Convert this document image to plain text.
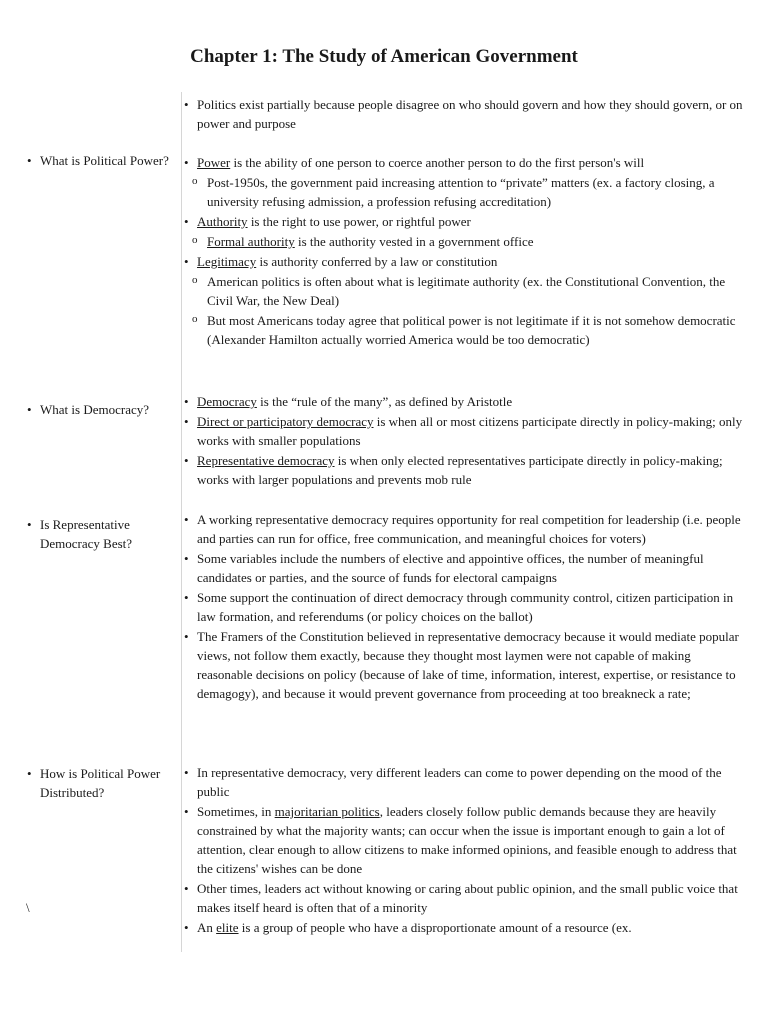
Chapter 1: The Study of American Government
• Politics exist partially because people disagree on who should govern and how they should govern, or on power and purpose
• What is Political Power?
•	Power is the ability of one person to coerce another person to do the first person's will
o Post-1950s, the government paid increasing attention to “private” matters (ex. a factory closing, a university refusing admission, a profession refusing accreditation)
• Authority is the right to use power, or rightful power
o Formal authority is the authority vested in a government office
• Legitimacy is authority conferred by a law or constitution
o American politics is often about what is legitimate authority (ex. the Constitutional Convention, the Civil War, the New Deal)
o But most Americans today agree that political power is not legitimate if it is not somehow democratic (Alexander Hamilton actually worried America would be too democratic)
• What is Democracy?
• Democracy is the “rule of the many”, as defined by Aristotle
• Direct or participatory democracy is when all or most citizens participate directly in policy-making; only works with smaller populations
• Representative democracy is when only elected representatives participate directly in policy-making; works with larger populations and prevents mob rule
• Is Representative Democracy Best?
• A working representative democracy requires opportunity for real competition for leadership (i.e. people and parties can run for office, free communication, and meaningful choices for voters)
• Some variables include the numbers of elective and appointive offices, the number of meaningful candidates or parties, and the source of funds for electoral campaigns
• Some support the continuation of direct democracy through community control, citizen participation in law formation, and referendums (or policy choices on the ballot)
• The Framers of the Constitution believed in representative democracy because it would mediate popular views, not follow them exactly, because they thought most laymen were not capable of making reasonable decisions on policy (because of lake of time, information, interest, expertise, or resistance to demagogy), and because it would prevent governance from proceeding at too breakneck a rate;
• How is Political Power Distributed?
• In representative democracy, very different leaders can come to power depending on the mood of the public
• Sometimes, in majoritarian politics, leaders closely follow public demands because they are heavily constrained by what the majority wants; can occur when the issue is important enough to gain a lot of attention, clear enough to allow citizens to make informed opinions, and feasible enough to address that the citizens' wishes can be done
• Other times, leaders act without knowing or caring about public opinion, and the small public voice that makes itself heard is often that of a minority
• An elite is a group of people who have a disproportionate amount of a resource (ex.
\
